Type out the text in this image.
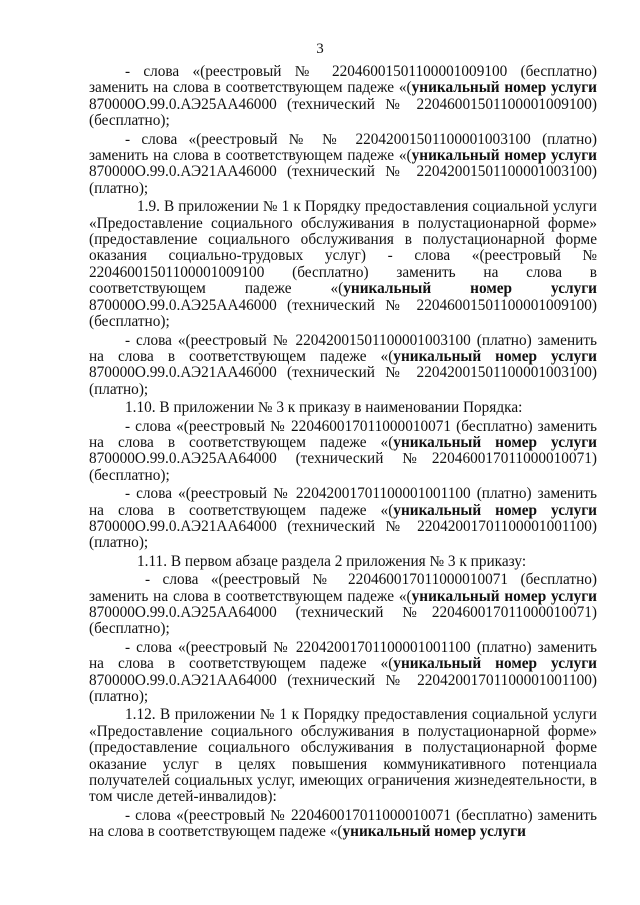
3

- слова «(реестровый № 22046001501100001009100 (бесплатно) заменить на слова в соответствующем падеже «(уникальный номер услуги 870000О.99.0.АЭ25АА46000 (технический № 22046001501100001009100) (бесплатно);

- слова «(реестровый № № 22042001501100001003100 (платно) заменить на слова в соответствующем падеже «(уникальный номер услуги 870000О.99.0.АЭ21АА46000 (технический № 22042001501100001003100) (платно);

1.9. В приложении № 1 к Порядку предоставления социальной услуги «Предоставление социального обслуживания в полустационарной форме» (предоставление социального обслуживания в полустационарной форме оказания социально-трудовых услуг) - слова «(реестровый № 22046001501100001009100 (бесплатно) заменить на слова в соответствующем падеже «(уникальный номер услуги 870000О.99.0.АЭ25АА46000 (технический № 22046001501100001009100) (бесплатно);

- слова «(реестровый № 22042001501100001003100 (платно) заменить на слова в соответствующем падеже «(уникальный номер услуги 870000О.99.0.АЭ21АА46000 (технический № 22042001501100001003100) (платно);

1.10. В приложении № 3 к приказу в наименовании Порядка:

- слова «(реестровый № 220460017011000010071 (бесплатно) заменить на слова в соответствующем падеже «(уникальный номер услуги 870000О.99.0.АЭ25АА64000 (технический №220460017011000010071) (бесплатно);

- слова «(реестровый № 22042001701100001001100 (платно) заменить на слова в соответствующем падеже «(уникальный номер услуги 870000О.99.0.АЭ21АА64000 (технический № 22042001701100001001100) (платно);

1.11. В первом абзаце раздела 2 приложения № 3 к приказу:

- слова «(реестровый № 220460017011000010071 (бесплатно) заменить на слова в соответствующем падеже «(уникальный номер услуги 870000О.99.0.АЭ25АА64000 (технический №220460017011000010071) (бесплатно);

- слова «(реестровый № 22042001701100001001100 (платно) заменить на слова в соответствующем падеже «(уникальный номер услуги 870000О.99.0.АЭ21АА64000 (технический № 22042001701100001001100) (платно);

1.12. В приложении № 1 к Порядку предоставления социальной услуги «Предоставление социального обслуживания в полустационарной форме» (предоставление социального обслуживания в полустационарной форме оказание услуг в целях повышения коммуникативного потенциала получателей социальных услуг, имеющих ограничения жизнедеятельности, в том числе детей-инвалидов):

- слова «(реестровый № 220460017011000010071 (бесплатно) заменить на слова в соответствующем падеже «(уникальный номер услуги
